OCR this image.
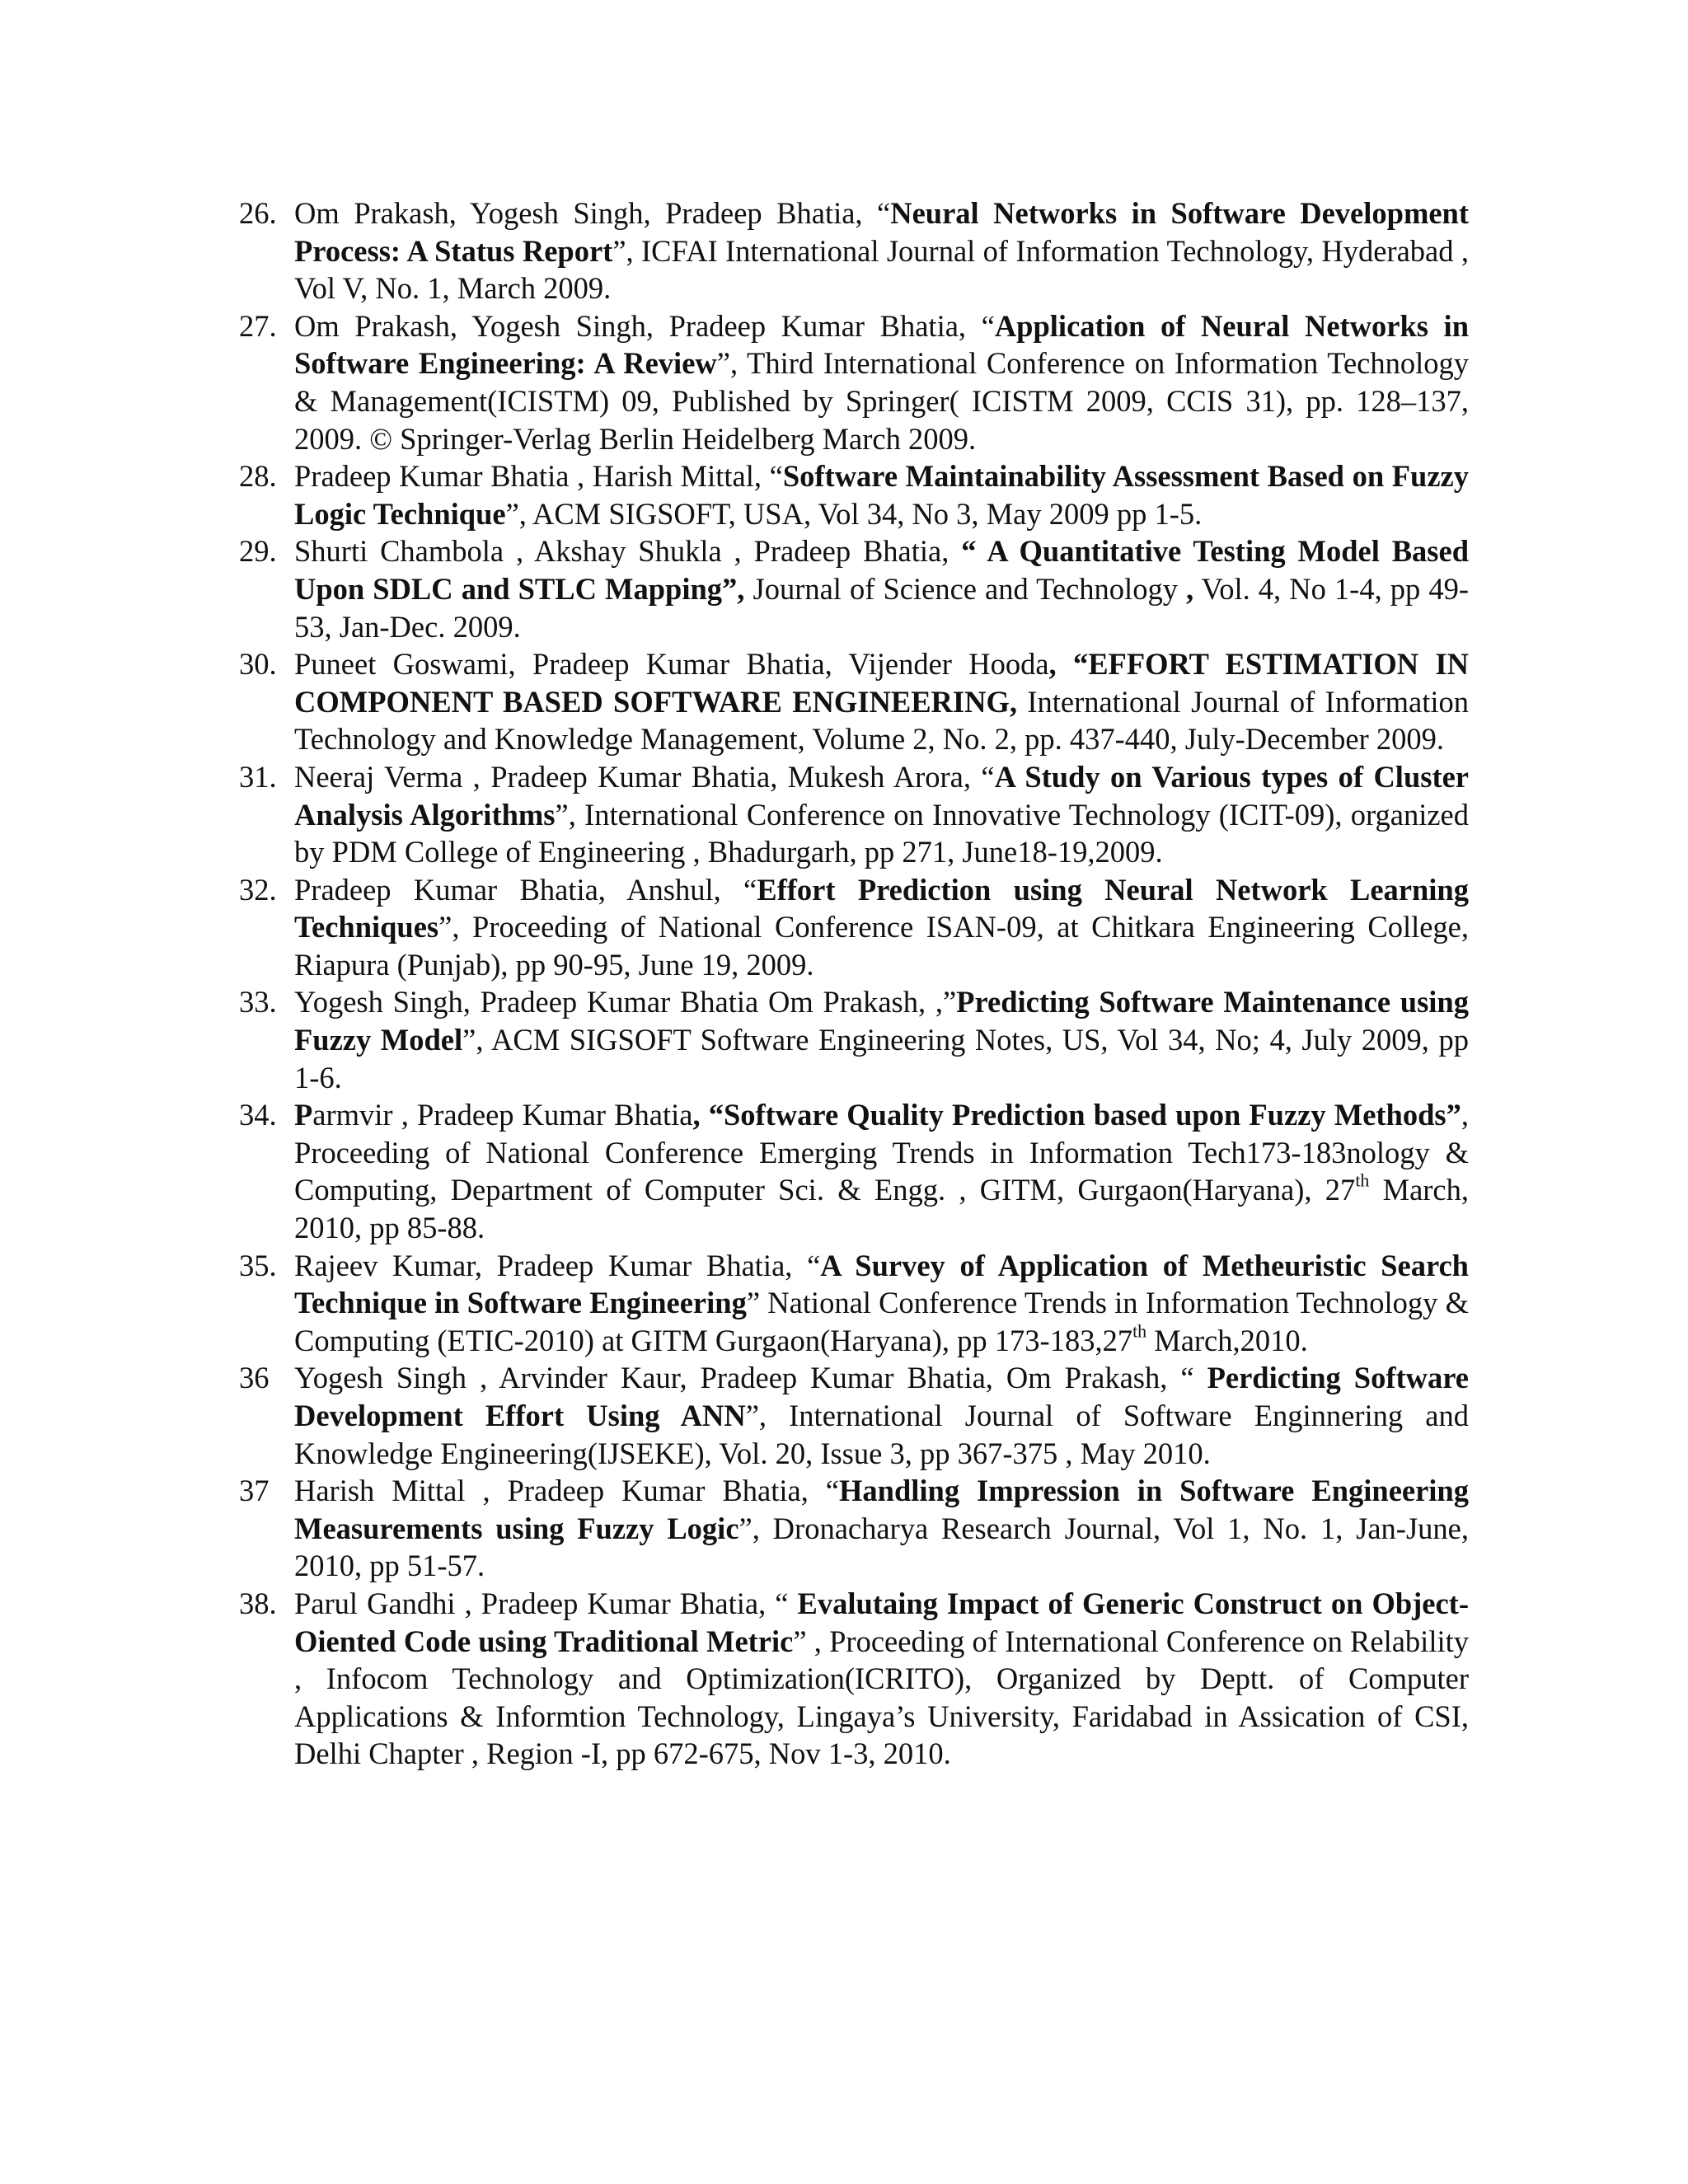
26. Om Prakash, Yogesh Singh, Pradeep Bhatia, “Neural Networks in Software Development Process: A Status Report”, ICFAI International Journal of Information Technology, Hyderabad , Vol V, No. 1, March 2009.
27. Om Prakash, Yogesh Singh, Pradeep Kumar Bhatia, “Application of Neural Networks in Software Engineering: A Review”, Third International Conference on Information Technology & Management(ICISTM) 09, Published by Springer( ICISTM 2009, CCIS 31), pp. 128–137, 2009. © Springer-Verlag Berlin Heidelberg March 2009.
28. Pradeep Kumar Bhatia , Harish Mittal, “Software Maintainability Assessment Based on Fuzzy Logic Technique”, ACM SIGSOFT, USA, Vol 34, No 3, May 2009 pp 1-5.
29. Shurti Chambola , Akshay Shukla , Pradeep Bhatia, “ A Quantitative Testing Model Based Upon SDLC and STLC Mapping”, Journal of Science and Technology , Vol. 4, No 1-4, pp 49-53, Jan-Dec. 2009.
30. Puneet Goswami, Pradeep Kumar Bhatia, Vijender Hooda, “EFFORT ESTIMATION IN COMPONENT BASED SOFTWARE ENGINEERING, International Journal of Information Technology and Knowledge Management, Volume 2, No. 2, pp. 437-440, July-December 2009.
31. Neeraj Verma , Pradeep Kumar Bhatia, Mukesh Arora, “A Study on Various types of Cluster Analysis Algorithms”, International Conference on Innovative Technology (ICIT-09), organized by PDM College of Engineering , Bhadurgarh, pp 271, June18-19,2009.
32. Pradeep Kumar Bhatia, Anshul, “Effort Prediction using Neural Network Learning Techniques”, Proceeding of National Conference ISAN-09, at Chitkara Engineering College, Riapura (Punjab), pp 90-95, June 19, 2009.
33. Yogesh Singh, Pradeep Kumar Bhatia Om Prakash, ,”Predicting Software Maintenance using Fuzzy Model”, ACM SIGSOFT Software Engineering Notes, US, Vol 34, No; 4, July 2009, pp 1-6.
34. Parmvir , Pradeep Kumar Bhatia, “Software Quality Prediction based upon Fuzzy Methods”, Proceeding of National Conference Emerging Trends in Information Tech173-183nology & Computing, Department of Computer Sci. & Engg. , GITM, Gurgaon(Haryana), 27th March, 2010, pp 85-88.
35. Rajeev Kumar, Pradeep Kumar Bhatia, “A Survey of Application of Metheuristic Search Technique in Software Engineering” National Conference Trends in Information Technology & Computing (ETIC-2010) at GITM Gurgaon(Haryana), pp 173-183,27th March,2010.
36 Yogesh Singh , Arvinder Kaur, Pradeep Kumar Bhatia, Om Prakash, “ Perdicting Software Development Effort Using ANN”, International Journal of Software Enginnering and Knowledge Engineering(IJSEKE), Vol. 20, Issue 3, pp 367-375 , May 2010.
37 Harish Mittal , Pradeep Kumar Bhatia, “Handling Impression in Software Engineering Measurements using Fuzzy Logic”, Dronacharya Research Journal, Vol 1, No. 1, Jan-June, 2010, pp 51-57.
38. Parul Gandhi , Pradeep Kumar Bhatia, “ Evalutaing Impact of Generic Construct on Object-Oiented Code using Traditional Metric” , Proceeding of International Conference on Relability , Infocom Technology and Optimization(ICRITO), Organized by Deptt. of Computer Applications & Informtion Technology, Lingaya’s University, Faridabad in Assication of CSI, Delhi Chapter , Region -I, pp 672-675, Nov 1-3, 2010.
